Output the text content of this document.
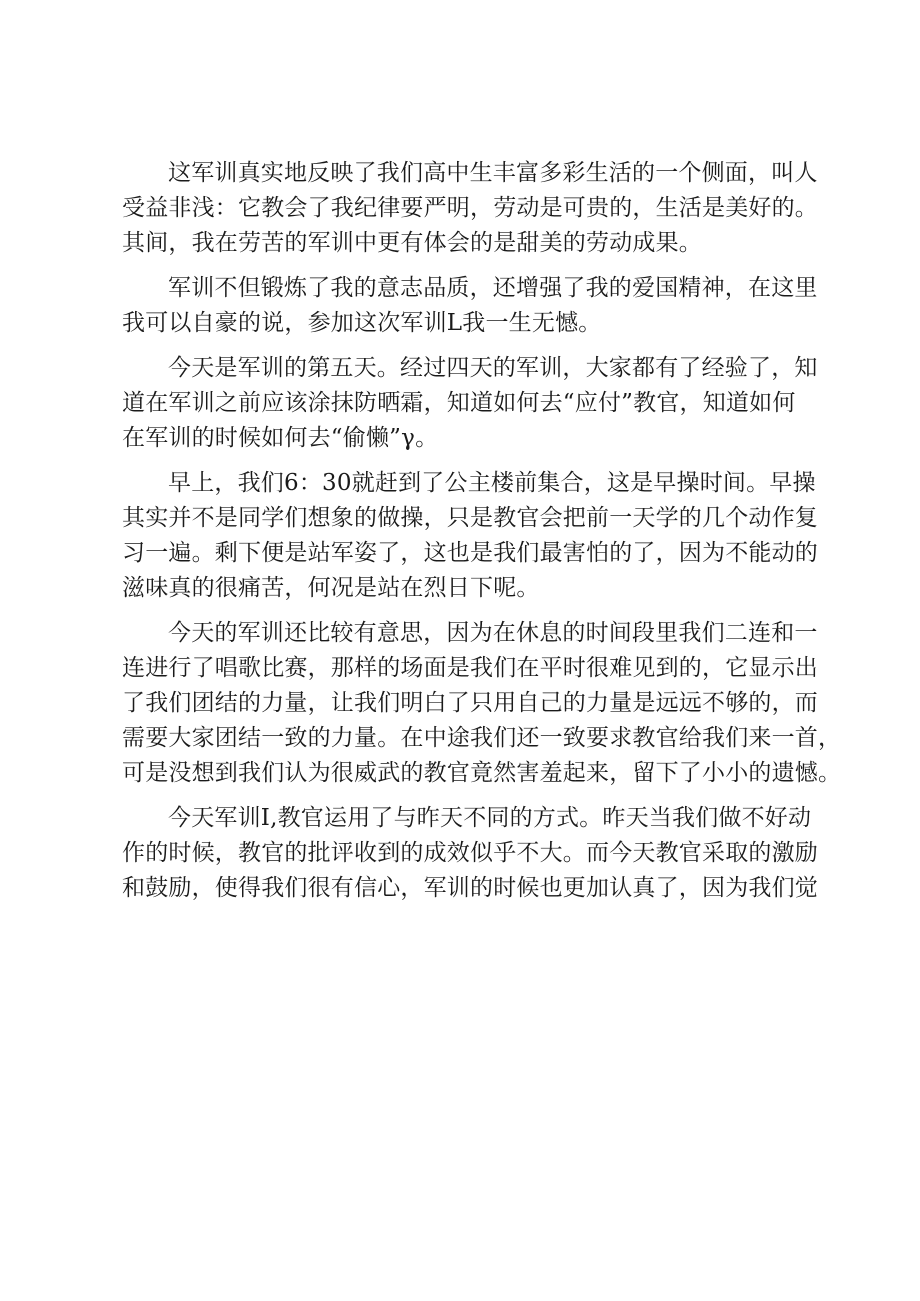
这军训真实地反映了我们高中生丰富多彩生活的一个侧面，叫人
受益非浅：它教会了我纪律要严明，劳动是可贵的，生活是美好的。
其间，我在劳苦的军训中更有体会的是甜美的劳动成果。
军训不但锻炼了我的意志品质，还增强了我的爱国精神，在这里
我可以自豪的说，参加这次军训L我一生无憾。
今天是军训的第五天。经过四天的军训，大家都有了经验了，知
道在军训之前应该涂抹防晒霜，知道如何去“应付”教官，知道如何
在军训的时候如何去“偷懒”γ。
早上，我们6：30就赶到了公主楼前集合，这是早操时间。早操
其实并不是同学们想象的做操，只是教官会把前一天学的几个动作复
习一遍。剩下便是站军姿了，这也是我们最害怕的了，因为不能动的
滋味真的很痛苦，何况是站在烈日下呢。
今天的军训还比较有意思，因为在休息的时间段里我们二连和一
连进行了唱歌比赛，那样的场面是我们在平时很难见到的，它显示出
了我们团结的力量，让我们明白了只用自己的力量是远远不够的，而
需要大家团结一致的力量。在中途我们还一致要求教官给我们来一首，
可是没想到我们认为很威武的教官竟然害羞起来，留下了小小的遗憾。
今天军训I,教官运用了与昨天不同的方式。昨天当我们做不好动
作的时候，教官的批评收到的成效似乎不大。而今天教官采取的激励
和鼓励，使得我们很有信心，军训的时候也更加认真了，因为我们觉
